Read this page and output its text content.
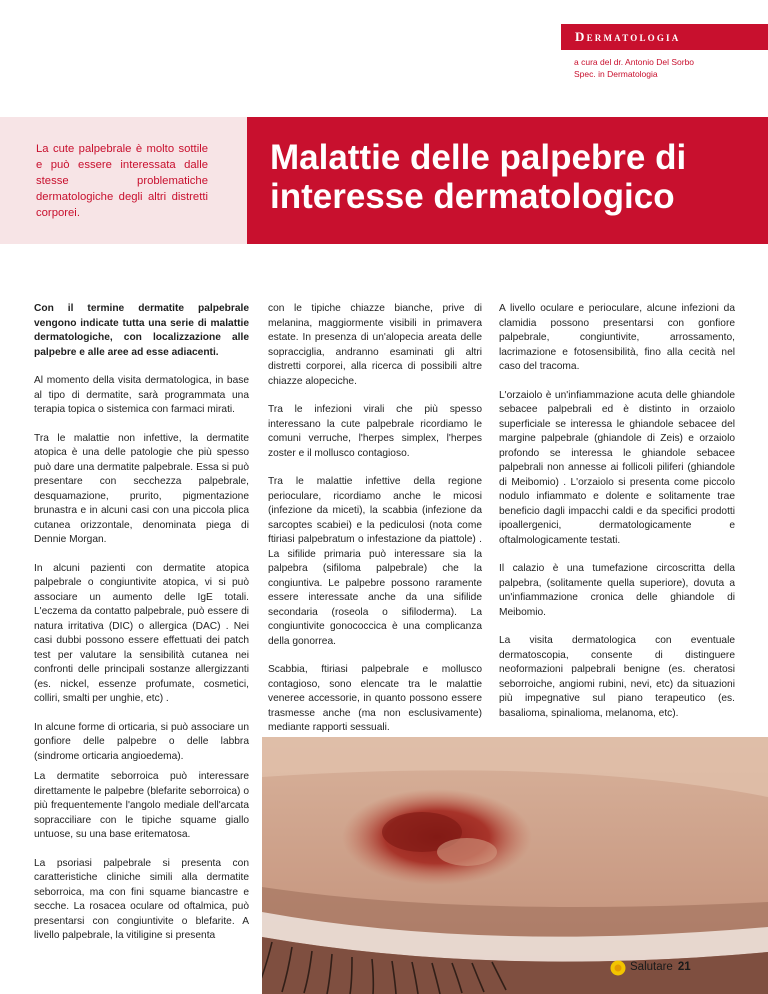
Dermatologia
a cura del dr. Antonio Del Sorbo
Spec. in Dermatologia

La cute palpebrale è molto sottile e può essere interessata dalle stesse problematiche dermatologiche degli altri distretti corporei.

Malattie delle palpebre di interesse dermatologico

Con il termine dermatite palpebrale vengono indicate tutta una serie di malattie dermatologiche, con localizzazione alle palpebre e alle aree ad esse adiacenti.

Al momento della visita dermatologica, in base al tipo di dermatite, sarà programmata una terapia topica o sistemica con farmaci mirati.

Tra le malattie non infettive, la dermatite atopica è una delle patologie che più spesso può dare una dermatite palpebrale. Essa si può presentare con secchezza palpebrale, desquamazione, prurito, pigmentazione brunastra e in alcuni casi con una piccola plica cutanea orizzontale, denominata piega di Dennie Morgan.

In alcuni pazienti con dermatite atopica palpebrale o congiuntivite atopica, vi si può associare un aumento delle IgE totali. L'eczema da contatto palpebrale, può essere di natura irritativa (DIC) o allergica (DAC) . Nei casi dubbi possono essere effettuati dei patch test per valutare la sensibilità cutanea nei confronti delle principali sostanze allergizzanti (es. nickel, essenze profumate, cosmetici, colliri, smalti per unghie, etc) .

In alcune forme di orticaria, si può associare un gonfiore delle palpebre o delle labbra (sindrome orticaria angioedema).

La dermatite seborroica può interessare direttamente le palpebre (blefarite seborroica) o più frequentemente l'angolo mediale dell'arcata sopracciliare con le tipiche squame giallo untuose, su una base eritematosa.

La psoriasi palpebrale si presenta con caratteristiche cliniche simili alla dermatite seborroica, ma con fini squame biancastre e secche. La rosacea oculare od oftalmica, può presentarsi con congiuntivite o blefarite. A livello palpebrale, la vitiligine si presenta

con le tipiche chiazze bianche, prive di melanina, maggiormente visibili in primavera estate. In presenza di un'alopecia areata delle sopracciglia, andranno esaminati gli altri distretti corporei, alla ricerca di possibili altre chiazze alopeciche.

Tra le infezioni virali che più spesso interessano la cute palpebrale ricordiamo le comuni verruche, l'herpes simplex, l'herpes zoster e il mollusco contagioso.

Tra le malattie infettive della regione perioculare, ricordiamo anche le micosi (infezione da miceti), la scabbia (infezione da sarcoptes scabiei) e la pediculosi (nota come ftiriasi palpebratum o infestazione da piattole) . La sifilide primaria può interessare sia la palpebra (sifiloma palpebrale) che la congiuntiva. Le palpebre possono raramente essere interessate anche da una sifilide secondaria (roseola o sifiloderma). La congiuntivite gonococcica è una complicanza della gonorrea.

Scabbia, ftiriasi palpebrale e mollusco contagioso, sono elencate tra le malattie veneree accessorie, in quanto possono essere trasmesse anche (ma non esclusivamente) mediante rapporti sessuali.

A livello oculare e perioculare, alcune infezioni da clamidia possono presentarsi con gonfiore palpebrale, congiuntivite, arrossamento, lacrimazione e fotosensibilità, fino alla cecità nel caso del tracoma.

L'orzaiolo è un'infiammazione acuta delle ghiandole sebacee palpebrali ed è distinto in orzaiolo superficiale se interessa le ghiandole sebacee del margine palpebrale (ghiandole di Zeis) e orzaiolo profondo se interessa le ghiandole sebacee palpebrali non annesse ai follicoli piliferi (ghiandole di Meibomio) . L'orzaiolo si presenta come piccolo nodulo infiammato e dolente e solitamente trae beneficio dagli impacchi caldi e da specifici prodotti ipoallergenici, dermatologicamente e oftalmologicamente testati.

Il calazio è una tumefazione circoscritta della palpebra, (solitamente quella superiore), dovuta a un'infiammazione cronica delle ghiandole di Meibomio.

La visita dermatologica con eventuale dermatoscopia, consente di distinguere neoformazioni palpebrali benigne (es. cheratosi seborroiche, angiomi rubini, nevi, etc) da situazioni più impegnative sul piano terapeutico (es. basalioma, spinalioma, melanoma, etc).

Salutare 21
